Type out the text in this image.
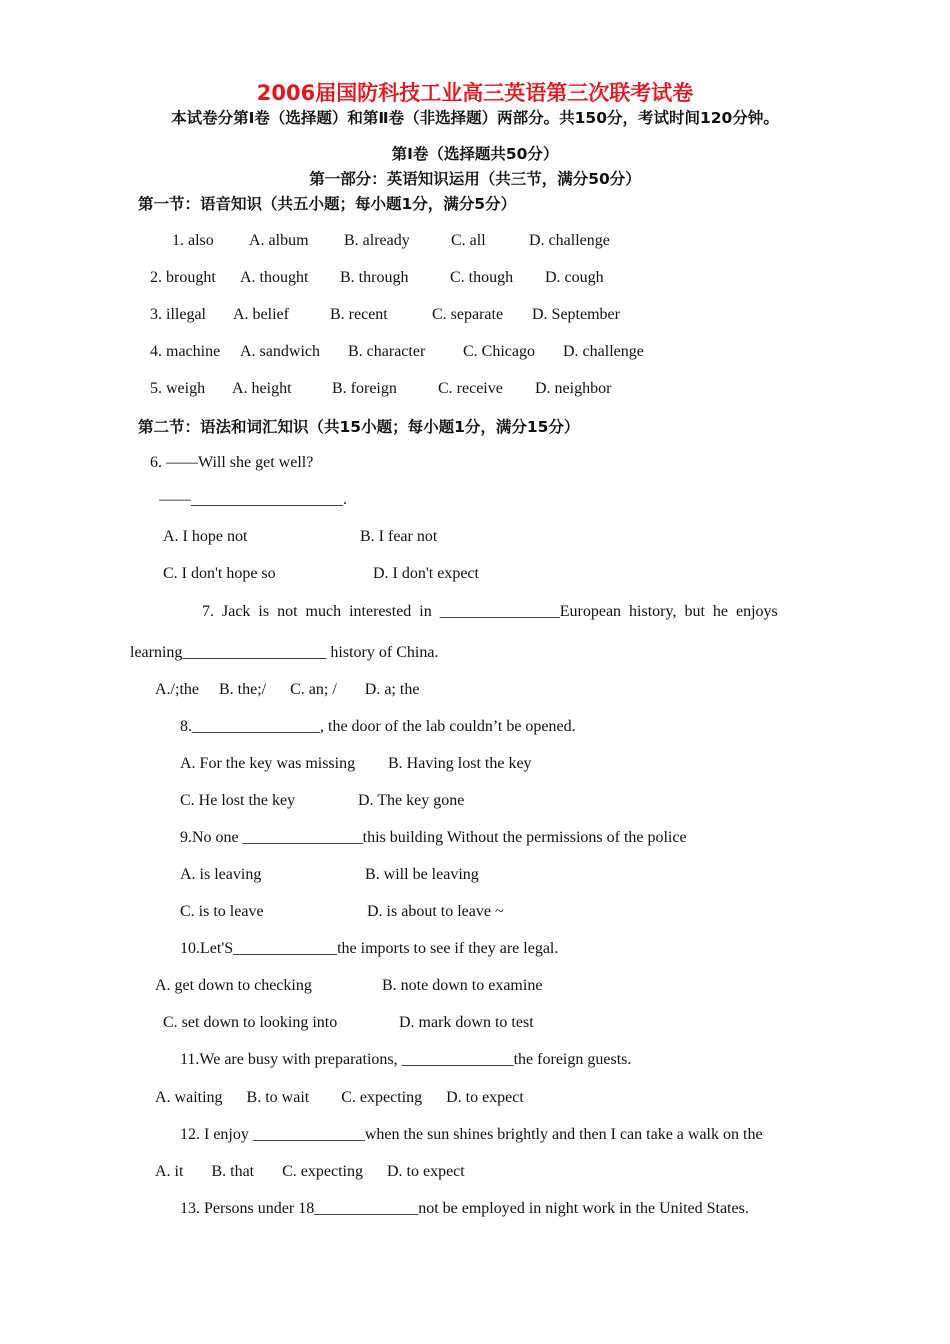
2006届国防科技工业高三英语第三次联考试卷
本试卷分第Ⅰ卷（选择题）和第Ⅱ卷（非选择题）两部分。共150分，考试时间120分钟。
第Ⅰ卷（选择题共50分）
第一部分：英语知识运用（共三节，满分50分）
第一节：语音知识（共五小题；每小题1分，满分5分）
1. also A. album B. already	C. all	D. challenge
2. brought A. thought B. through	C. though D. cough
3. illegal A. belief	B. recent	C. separate D. September
4. machine A. sandwich B. character C. Chicago D. challenge
5. weigh A. height	B. foreign	C. receive D. neighbor
第二节：语法和词汇知识（共15小题；每小题1分，满分15分）
6. ——Will she get well?
——___________________.
A. I hope not	B. I fear not
C. I don't hope so	D. I don't expect
7.  Jack  is  not  much  interested  in  _______________European  history,  but  he  enjoys
learning__________________ history of China.
A./;the     B. the;/      C. an; /       D. a; the
8.________________, the door of the lab couldn’t be opened.
A. For the key was missing B. Having lost the key
C. He lost the key	D. The key gone
9.No one _______________this building Without the permissions of the police
A. is leaving	B. will be leaving
C. is to leave	D. is about to leave ~
10.Let'S_____________the imports to see if they are legal.
A. get down to checking	B. note down to examine
C. set down to looking into	D. mark down to test
11.We are busy with preparations, ______________the foreign guests.
A. waiting      B. to wait        C. expecting      D. to expect
12. I enjoy ______________when the sun shines brightly and then I can take a walk on the
A. it       B. that       C. expecting      D. to expect
13. Persons under 18_____________not be employed in night work in the United States.
